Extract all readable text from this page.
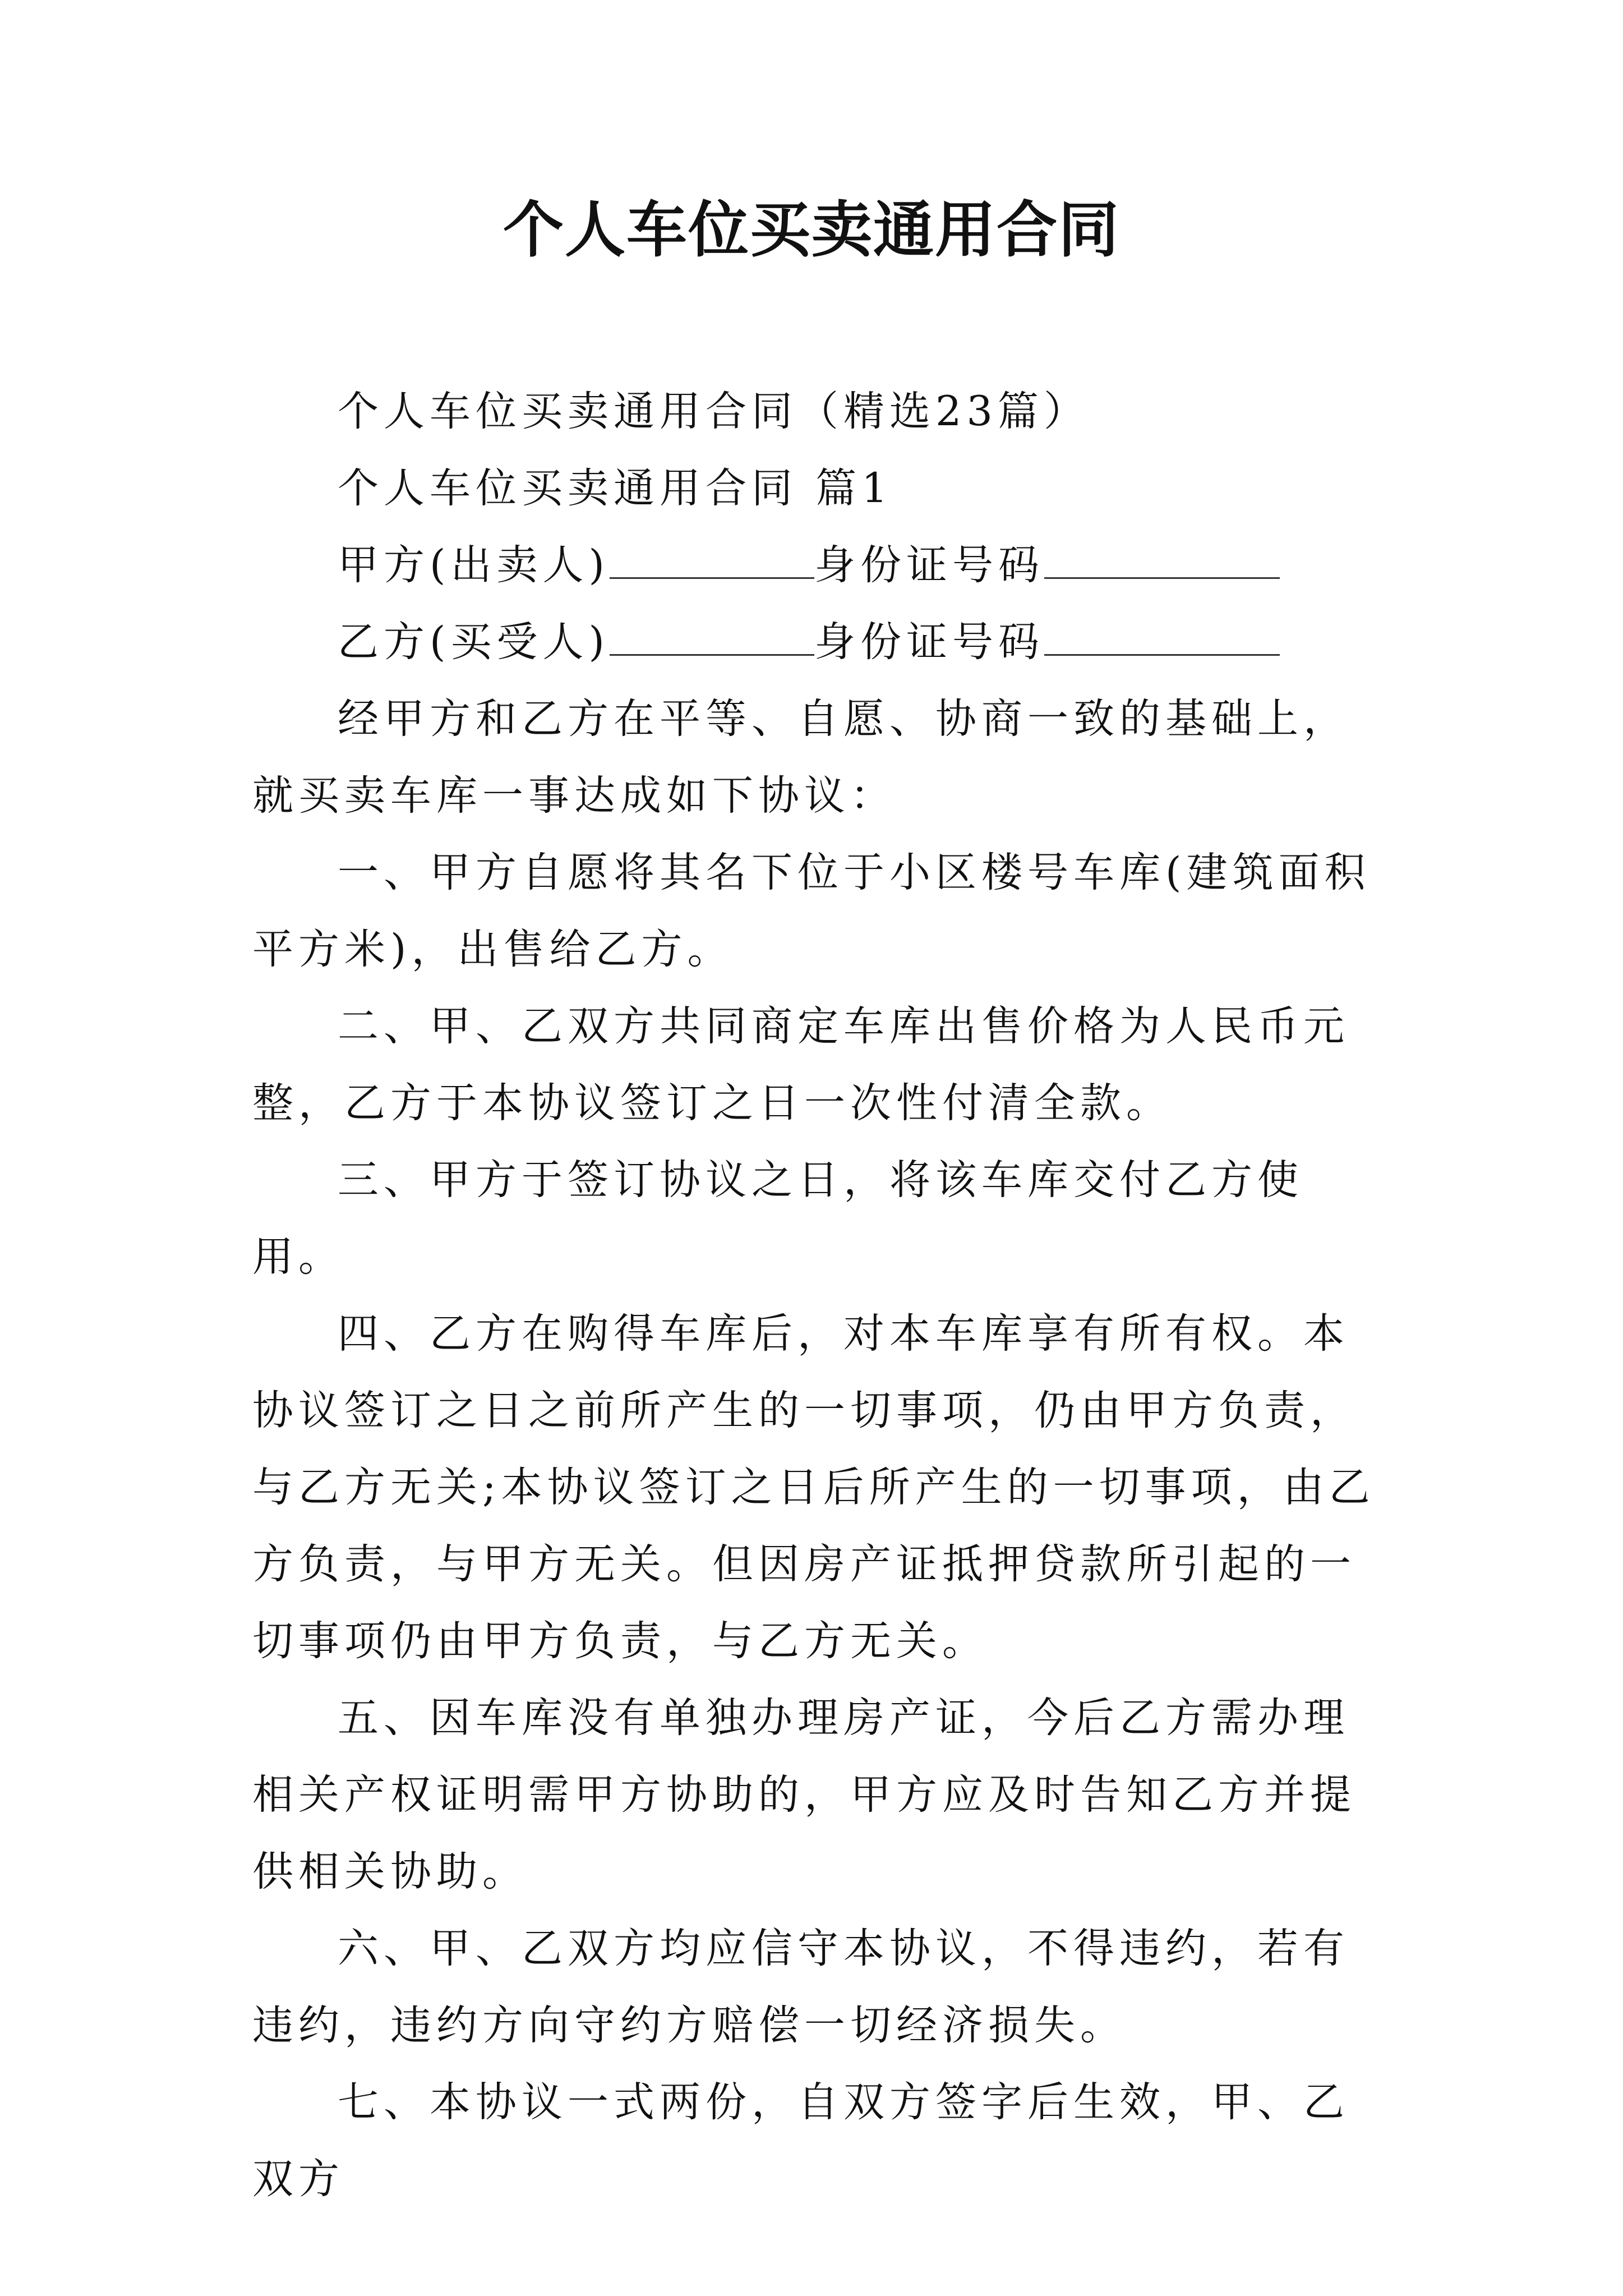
个人车位买卖通用合同

个人车位买卖通用合同（精选23篇）

个人车位买卖通用合同 篇1

甲方(出卖人)	身份证号码

乙方(买受人)	身份证号码

经甲方和乙方在平等、自愿、协商一致的基础上，就买卖车库一事达成如下协议：

一、甲方自愿将其名下位于小区楼号车库(建筑面积平方米)，出售给乙方。

二、甲、乙双方共同商定车库出售价格为人民币元整，乙方于本协议签订之日一次性付清全款。

三、甲方于签订协议之日，将该车库交付乙方使用。

四、乙方在购得车库后，对本车库享有所有权。本协议签订之日之前所产生的一切事项，仍由甲方负责，与乙方无关;本协议签订之日后所产生的一切事项，由乙方负责，与甲方无关。但因房产证抵押贷款所引起的一切事项仍由甲方负责，与乙方无关。

五、因车库没有单独办理房产证，今后乙方需办理相关产权证明需甲方协助的，甲方应及时告知乙方并提供相关协助。

六、甲、乙双方均应信守本协议，不得违约，若有违约，违约方向守约方赔偿一切经济损失。

七、本协议一式两份，自双方签字后生效，甲、乙双方
